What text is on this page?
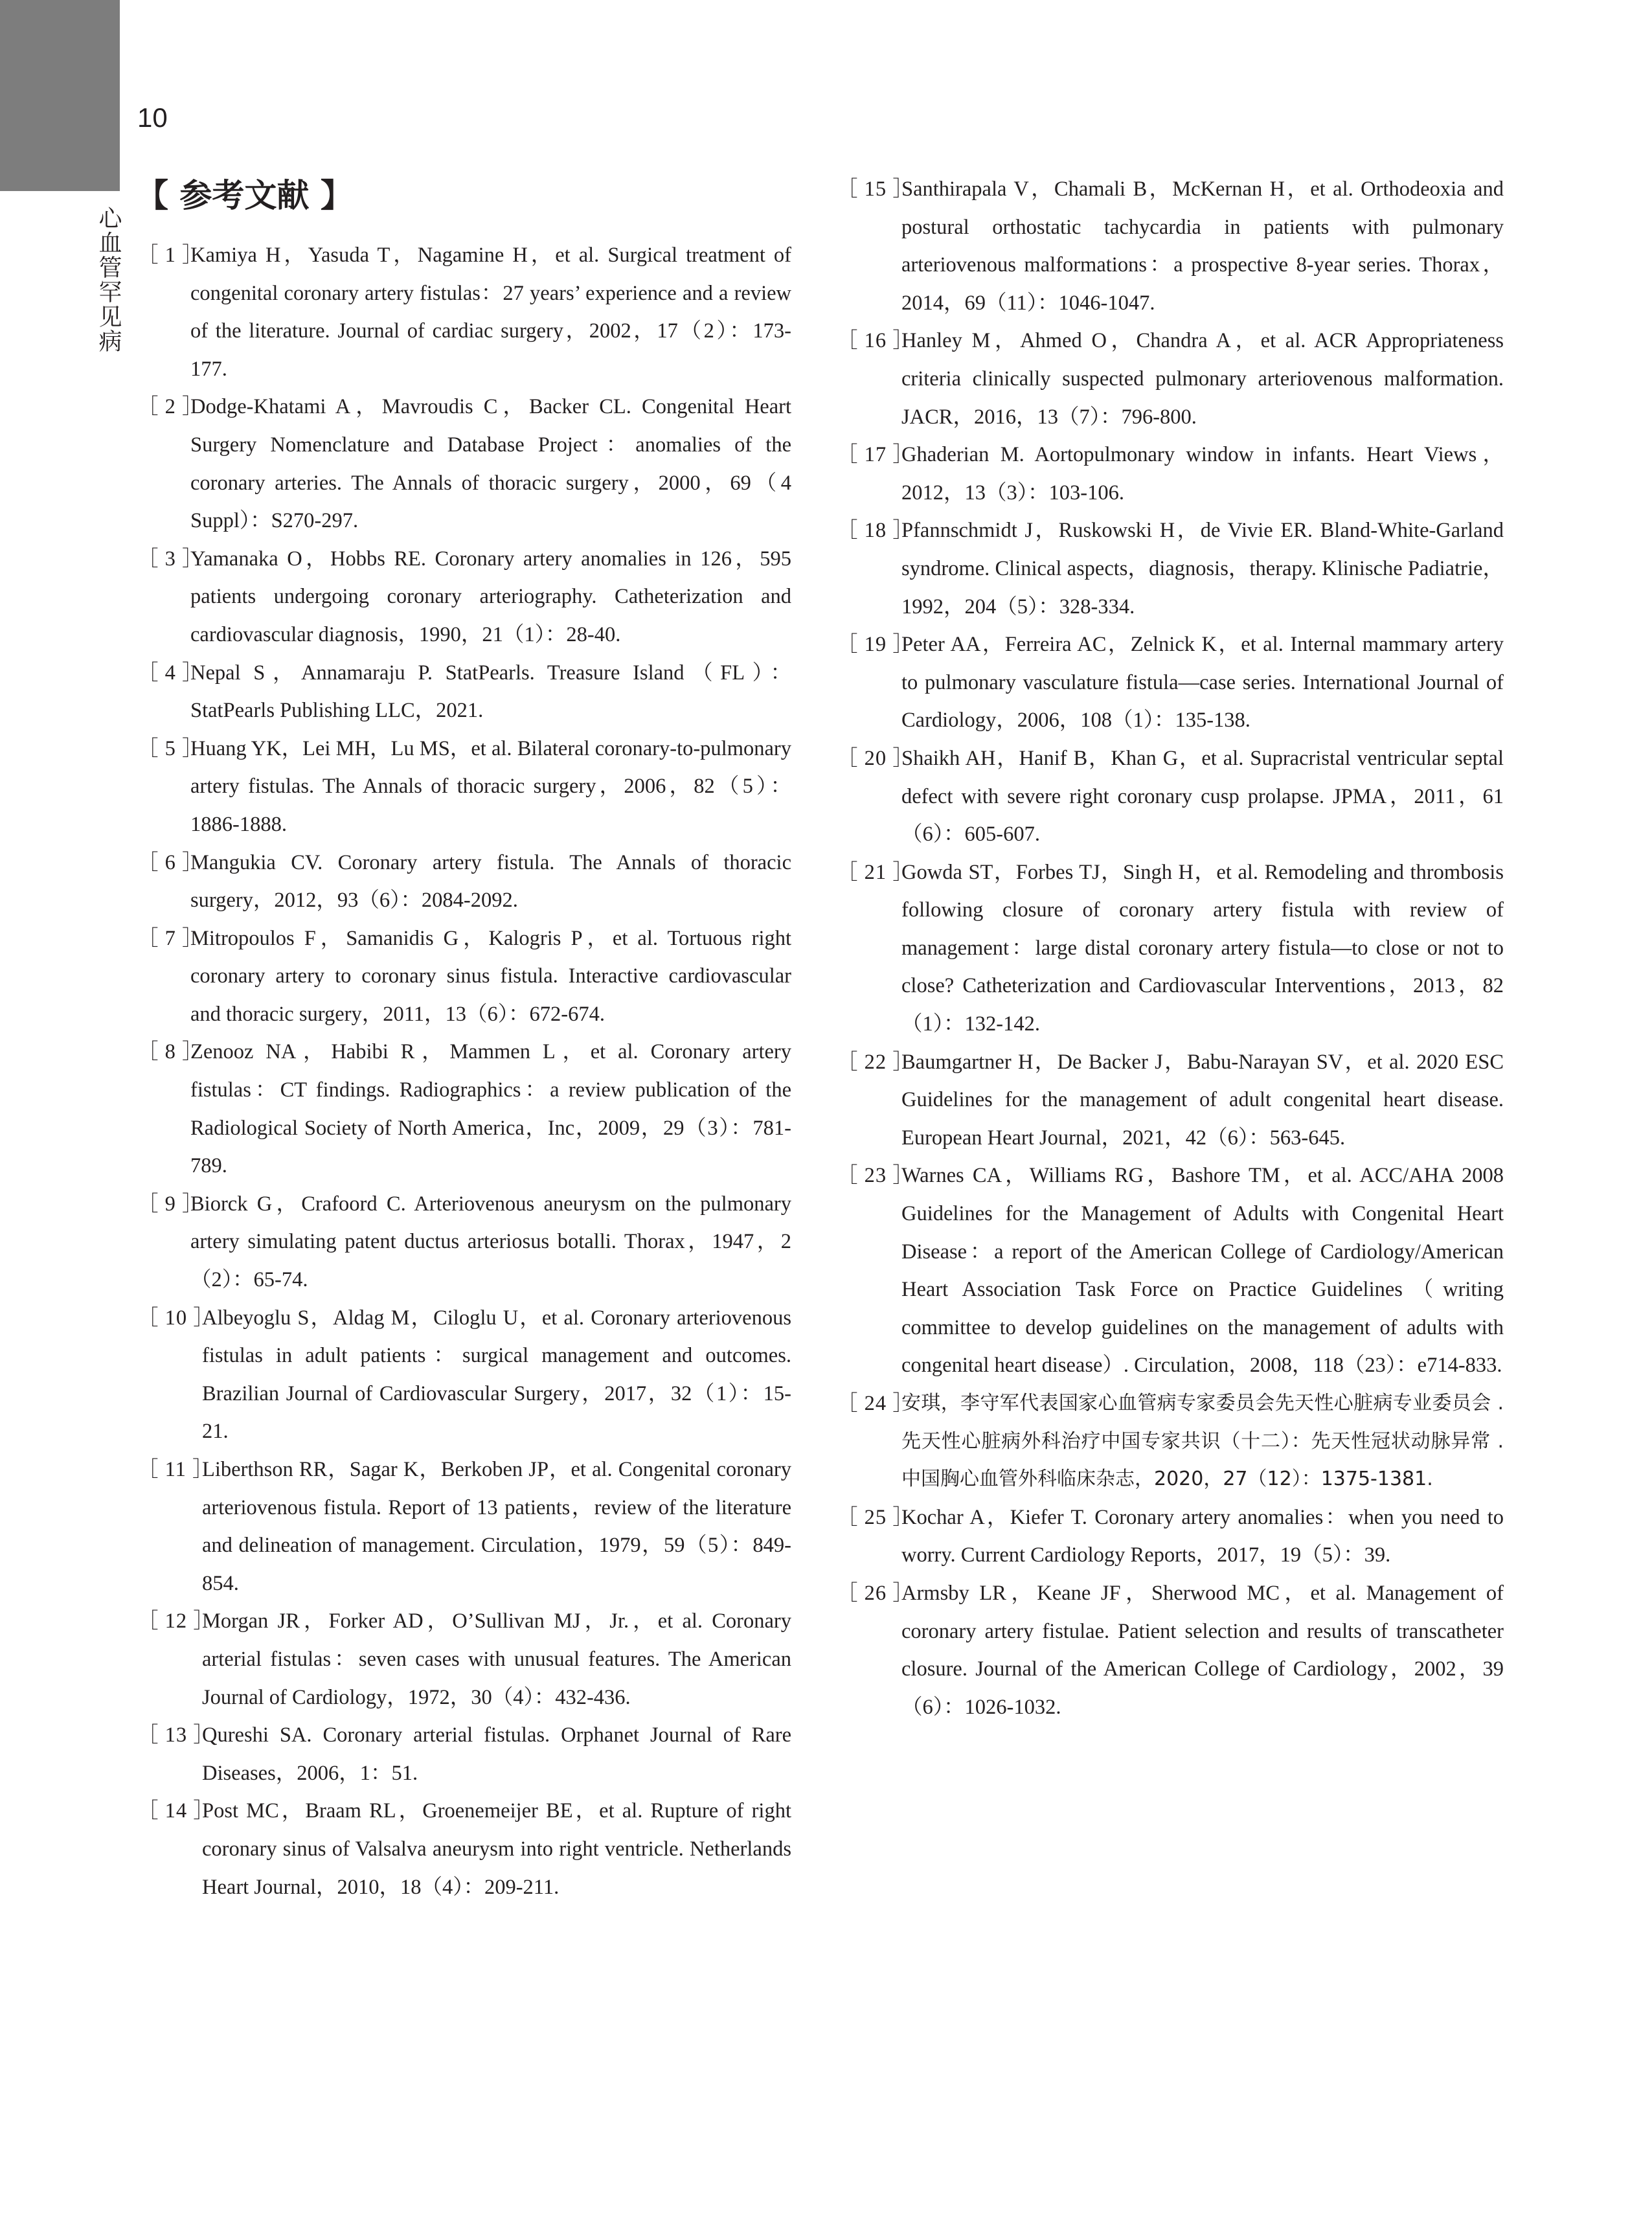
10
心血管罕见病
【 参考文献 】
［ 1 ］
Kamiya H，Yasuda T，Nagamine H，et al. Surgical treatment of congenital coronary artery fistulas：27 years’ experience and a review of the literature. Journal of cardiac surgery，2002，17（2）：173-177.
［ 2 ］
Dodge-Khatami A，Mavroudis C，Backer CL. Congenital Heart Surgery Nomenclature and Database Project：anomalies of the coronary arteries. The Annals of thoracic surgery，2000，69（4 Suppl）：S270-297.
［ 3 ］
Yamanaka O，Hobbs RE. Coronary artery anomalies in 126，595 patients undergoing coronary arteriography. Catheterization and cardiovascular diagnosis，1990，21（1）：28-40.
［ 4 ］
Nepal S，Annamaraju P. StatPearls. Treasure Island（FL）：StatPearls Publishing LLC，2021.
［ 5 ］
Huang YK，Lei MH，Lu MS，et al. Bilateral coronary-to-pulmonary artery fistulas. The Annals of thoracic surgery，2006，82（5）：1886-1888.
［ 6 ］
Mangukia CV. Coronary artery fistula. The Annals of thoracic surgery，2012，93（6）：2084-2092.
［ 7 ］
Mitropoulos F，Samanidis G，Kalogris P，et al. Tortuous right coronary artery to coronary sinus fistula. Interactive cardiovascular and thoracic surgery，2011，13（6）：672-674.
［ 8 ］
Zenooz NA，Habibi R，Mammen L，et al. Coronary artery fistulas：CT findings. Radiographics：a review publication of the Radiological Society of North America，Inc，2009，29（3）：781-789.
［ 9 ］
Biorck G，Crafoord C. Arteriovenous aneurysm on the pulmonary artery simulating patent ductus arteriosus botalli. Thorax，1947，2（2）：65-74.
［ 10 ］
Albeyoglu S，Aldag M，Ciloglu U，et al. Coronary arteriovenous fistulas in adult patients：surgical management and outcomes. Brazilian Journal of Cardiovascular Surgery，2017，32（1）：15-21.
［ 11 ］
Liberthson RR，Sagar K，Berkoben JP，et al. Congenital coronary arteriovenous fistula. Report of 13 patients，review of the literature and delineation of management. Circulation，1979，59（5）：849-854.
［ 12 ］
Morgan JR，Forker AD，O’Sullivan MJ，Jr.，et al. Coronary arterial fistulas：seven cases with unusual features. The American Journal of Cardiology，1972，30（4）：432-436.
［ 13 ］
Qureshi SA. Coronary arterial fistulas. Orphanet Journal of Rare Diseases，2006，1：51.
［ 14 ］
Post MC，Braam RL，Groenemeijer BE，et al. Rupture of right coronary sinus of Valsalva aneurysm into right ventricle. Netherlands Heart Journal，2010，18（4）：209-211.
［ 15 ］
Santhirapala V，Chamali B，McKernan H，et al. Orthodeoxia and postural orthostatic tachycardia in patients with pulmonary arteriovenous malformations：a prospective 8-year series. Thorax，2014，69（11）：1046-1047.
［ 16 ］
Hanley M，Ahmed O，Chandra A，et al. ACR Appropriateness criteria clinically suspected pulmonary arteriovenous malformation. JACR，2016，13（7）：796-800.
［ 17 ］
Ghaderian M. Aortopulmonary window in infants. Heart Views，2012，13（3）：103-106.
［ 18 ］
Pfannschmidt J，Ruskowski H，de Vivie ER. Bland-White-Garland syndrome. Clinical aspects，diagnosis，therapy. Klinische Padiatrie，1992，204（5）：328-334.
［ 19 ］
Peter AA，Ferreira AC，Zelnick K，et al. Internal mammary artery to pulmonary vasculature fistula—case series. International Journal of Cardiology，2006，108（1）：135-138.
［ 20 ］
Shaikh AH，Hanif B，Khan G，et al. Supracristal ventricular septal defect with severe right coronary cusp prolapse. JPMA，2011，61（6）：605-607.
［ 21 ］
Gowda ST，Forbes TJ，Singh H，et al. Remodeling and thrombosis following closure of coronary artery fistula with review of management：large distal coronary artery fistula—to close or not to close? Catheterization and Cardiovascular Interventions，2013，82（1）：132-142.
［ 22 ］
Baumgartner H，De Backer J，Babu-Narayan SV，et al. 2020 ESC Guidelines for the management of adult congenital heart disease. European Heart Journal，2021，42（6）：563-645.
［ 23 ］
Warnes CA，Williams RG，Bashore TM，et al. ACC/AHA 2008 Guidelines for the Management of Adults with Congenital Heart Disease：a report of the American College of Cardiology/American Heart Association Task Force on Practice Guidelines（writing committee to develop guidelines on the management of adults with congenital heart disease）. Circulation，2008，118（23）：e714-833.
［ 24 ］
安琪，李守军代表国家心血管病专家委员会先天性心脏病专业委员会 . 先天性心脏病外科治疗中国专家共识（十二）：先天性冠状动脉异常 . 中国胸心血管外科临床杂志，2020，27（12）：1375-1381.
［ 25 ］
Kochar A，Kiefer T. Coronary artery anomalies：when you need to worry. Current Cardiology Reports，2017，19（5）：39.
［ 26 ］
Armsby LR，Keane JF，Sherwood MC，et al. Management of coronary artery fistulae. Patient selection and results of transcatheter closure. Journal of the American College of Cardiology，2002，39（6）：1026-1032.
